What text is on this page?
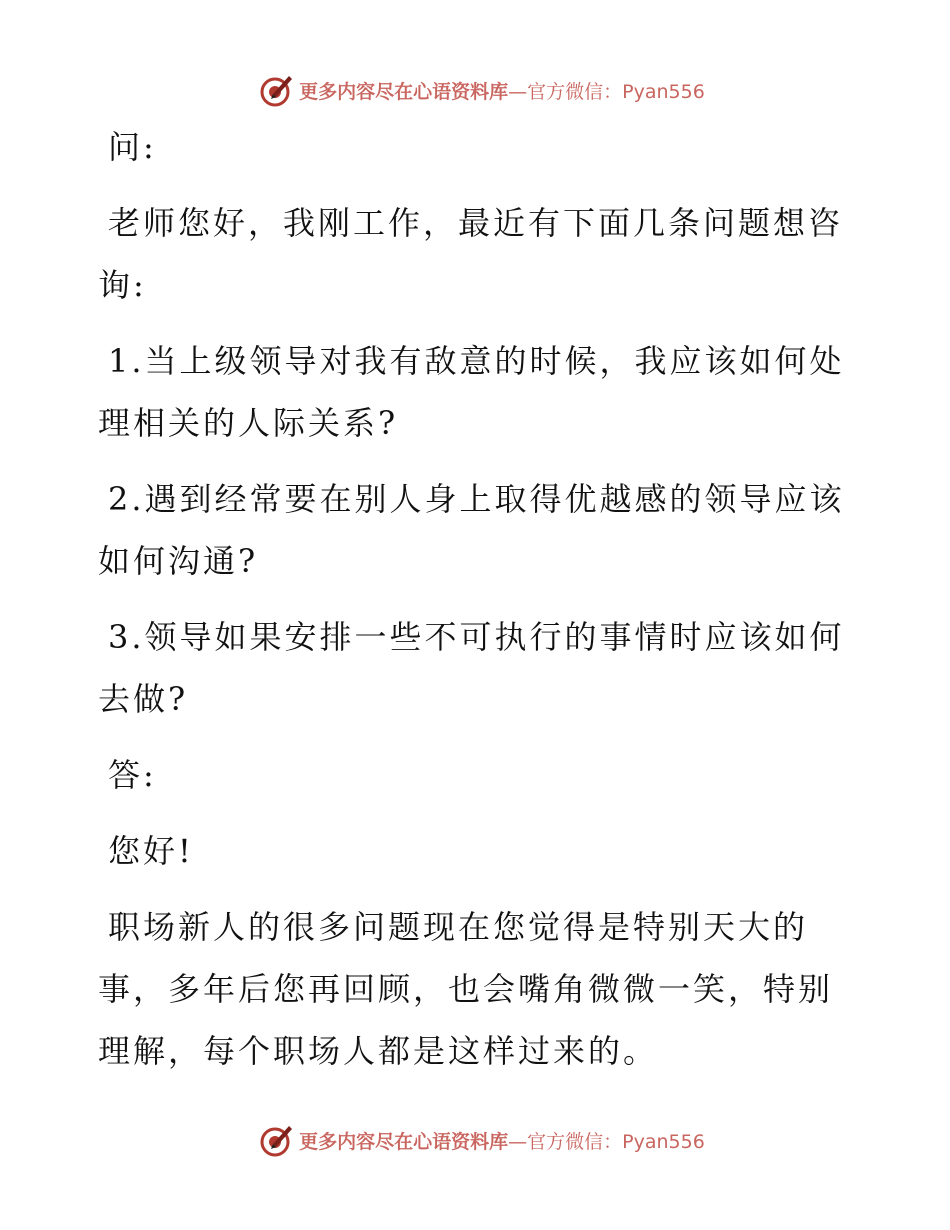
更多内容尽在心语资料库—官方微信：Pyan556

问:

老师您好，我刚工作，最近有下面几条问题想咨询:

1.当上级领导对我有敌意的时候，我应该如何处理相关的人际关系?

2.遇到经常要在别人身上取得优越感的领导应该如何沟通?

3.领导如果安排一些不可执行的事情时应该如何去做?

答:

您好!

职场新人的很多问题现在您觉得是特别天大的事，多年后您再回顾，也会嘴角微微一笑，特别理解，每个职场人都是这样过来的。

更多内容尽在心语资料库—官方微信：Pyan556
